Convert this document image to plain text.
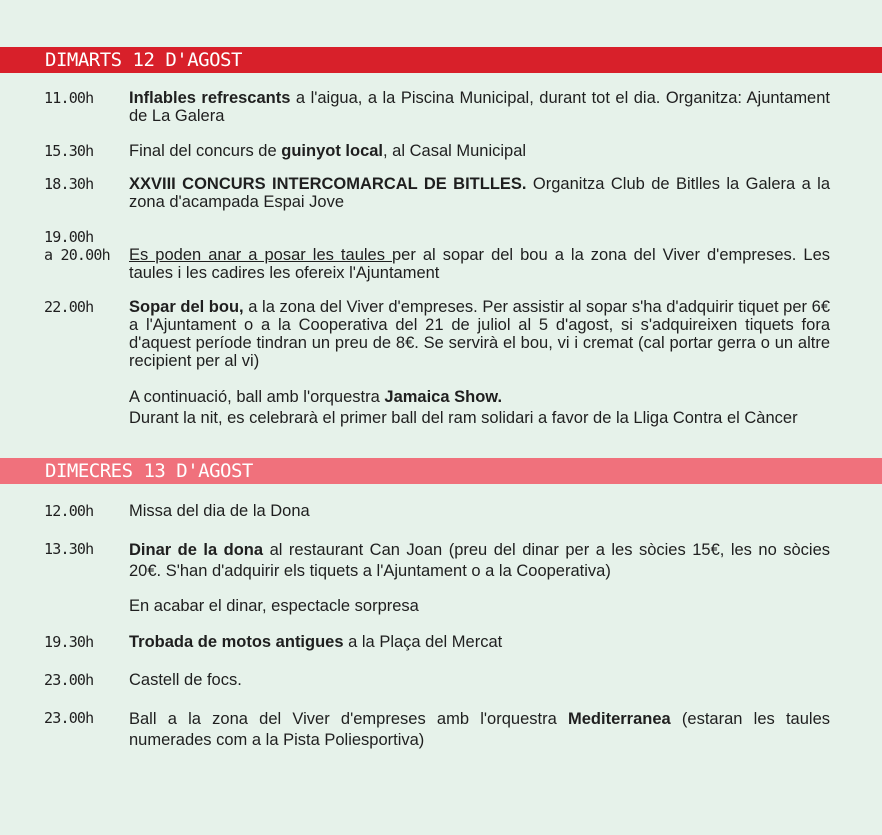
DIMARTS 12 D'AGOST
11.00h Inflables refrescants a l'aigua, a la Piscina Municipal, durant tot el dia. Organitza: Ajuntament de La Galera
15.30h Final del concurs de guinyot local, al Casal Municipal
18.30h XXVIII CONCURS INTERCOMARCAL DE BITLLES. Organitza Club de Bitlles la Galera a la zona d'acampada Espai Jove
19.00h
a 20.00h Es poden anar a posar les taules per al sopar del bou a la zona del Viver d'empreses. Les taules i les cadires les ofereix l'Ajuntament
22.00h Sopar del bou, a la zona del Viver d'empreses. Per assistir al sopar s'ha d'adquirir tiquet per 6€ a l'Ajuntament o a la Cooperativa del 21 de juliol al 5 d'agost, si s'adquireixen tiquets fora d'aquest període tindran un preu de 8€. Se servirà el bou, vi i cremat (cal portar gerra o un altre recipient per al vi)
A continuació, ball amb l'orquestra Jamaica Show.
Durant la nit, es celebrarà el primer ball del ram solidari a favor de la Lliga Contra el Càncer
DIMECRES 13 D'AGOST
12.00h Missa del dia de la Dona
13.30h Dinar de la dona al restaurant Can Joan (preu del dinar per a les sòcies 15€, les no sòcies 20€. S'han d'adquirir els tiquets a l'Ajuntament o a la Cooperativa)
En acabar el dinar, espectacle sorpresa
19.30h Trobada de motos antigues a la Plaça del Mercat
23.00h Castell de focs.
23.00h Ball a la zona del Viver d'empreses amb l'orquestra Mediterranea (estaran les taules numerades com a la Pista Poliesportiva)
